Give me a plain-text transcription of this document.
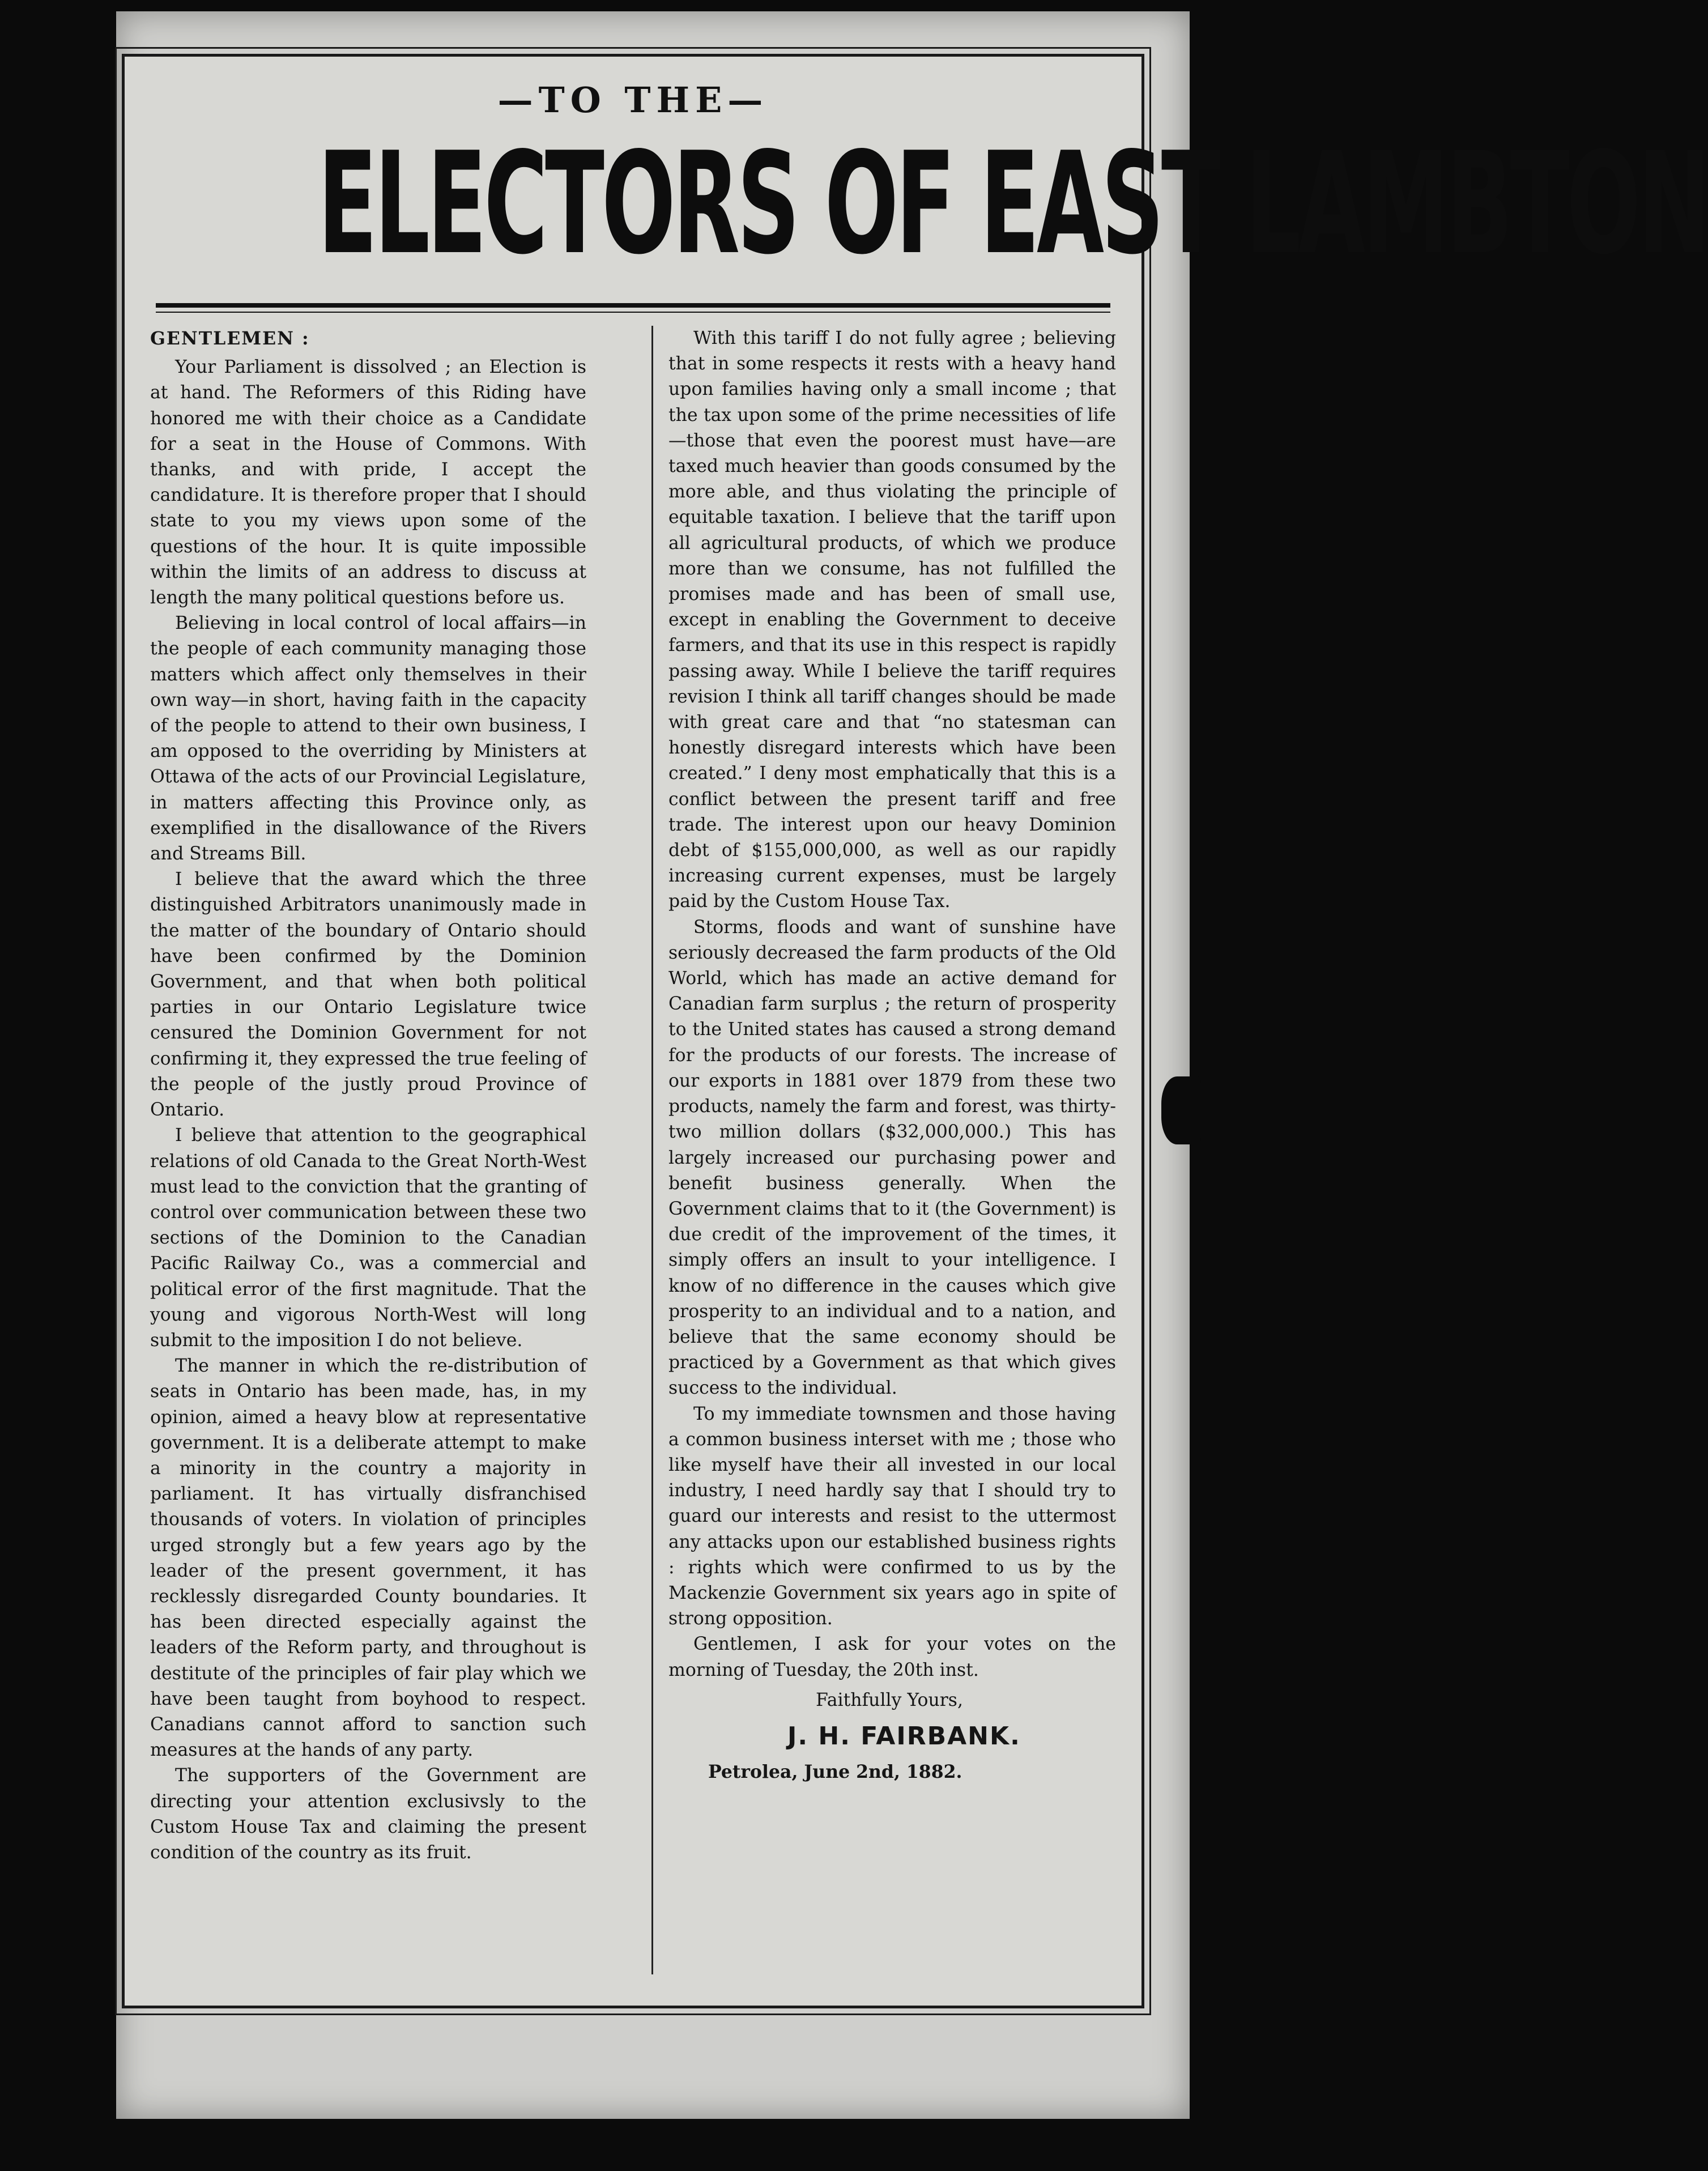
—TO THE—
ELECTORS OF EAST LAMBTON

GENTLEMEN :

Your Parliament is dissolved ; an Election is at hand. The Reformers of this Riding have honored me with their choice as a Candidate for a seat in the House of Commons. With thanks, and with pride, I accept the candidature. It is therefore proper that I should state to you my views upon some of the questions of the hour. It is quite impossible within the limits of an address to discuss at length the many political questions before us.

Believing in local control of local affairs—in the people of each community managing those matters which affect only themselves in their own way—in short, having faith in the capacity of the people to attend to their own business, I am opposed to the overriding by Ministers at Ottawa of the acts of our Provincial Legislature, in matters affecting this Province only, as exemplified in the disallowance of the Rivers and Streams Bill.

I believe that the award which the three distinguished Arbitrators unanimously made in the matter of the boundary of Ontario should have been confirmed by the Dominion Government, and that when both political parties in our Ontario Legislature twice censured the Dominion Government for not confirming it, they expressed the true feeling of the people of the justly proud Province of Ontario.

I believe that attention to the geographical relations of old Canada to the Great North-West must lead to the conviction that the granting of control over communication between these two sections of the Dominion to the Canadian Pacific Railway Co., was a commercial and political error of the first magnitude. That the young and vigorous North-West will long submit to the imposition I do not believe.

The manner in which the re-distribution of seats in Ontario has been made, has, in my opinion, aimed a heavy blow at representative government. It is a deliberate attempt to make a minority in the country a majority in parliament. It has virtually disfranchised thousands of voters. In violation of principles urged strongly but a few years ago by the leader of the present government, it has recklessly disregarded County boundaries. It has been directed especially against the leaders of the Reform party, and throughout is destitute of the principles of fair play which we have been taught from boyhood to respect. Canadians cannot afford to sanction such measures at the hands of any party.

The supporters of the Government are directing your attention exclusivsly to the Custom House Tax and claiming the present condition of the country as its fruit.

With this tariff I do not fully agree ; believing that in some respects it rests with a heavy hand upon families having only a small income ; that the tax upon some of the prime necessities of life—those that even the poorest must have—are taxed much heavier than goods consumed by the more able, and thus violating the principle of equitable taxation. I believe that the tariff upon all agricultural products, of which we produce more than we consume, has not fulfilled the promises made and has been of small use, except in enabling the Government to deceive farmers, and that its use in this respect is rapidly passing away. While I believe the tariff requires revision I think all tariff changes should be made with great care and that “no statesman can honestly disregard interests which have been created.” I deny most emphatically that this is a conflict between the present tariff and free trade. The interest upon our heavy Dominion debt of $155,000,000, as well as our rapidly increasing current expenses, must be largely paid by the Custom House Tax.

Storms, floods and want of sunshine have seriously decreased the farm products of the Old World, which has made an active demand for Canadian farm surplus ; the return of prosperity to the United states has caused a strong demand for the products of our forests. The increase of our exports in 1881 over 1879 from these two products, namely the farm and forest, was thirty-two million dollars ($32,000,000.) This has largely increased our purchasing power and benefit business generally. When the Government claims that to it (the Government) is due credit of the improvement of the times, it simply offers an insult to your intelligence. I know of no difference in the causes which give prosperity to an individual and to a nation, and believe that the same economy should be practiced by a Government as that which gives success to the individual.

To my immediate townsmen and those having a common business interset with me ; those who like myself have their all invested in our local industry, I need hardly say that I should try to guard our interests and resist to the uttermost any attacks upon our established business rights : rights which were confirmed to us by the Mackenzie Government six years ago in spite of strong opposition.

Gentlemen, I ask for your votes on the morning of Tuesday, the 20th inst.

Faithfully Yours,

J. H. FAIRBANK.

Petrolea, June 2nd, 1882.
